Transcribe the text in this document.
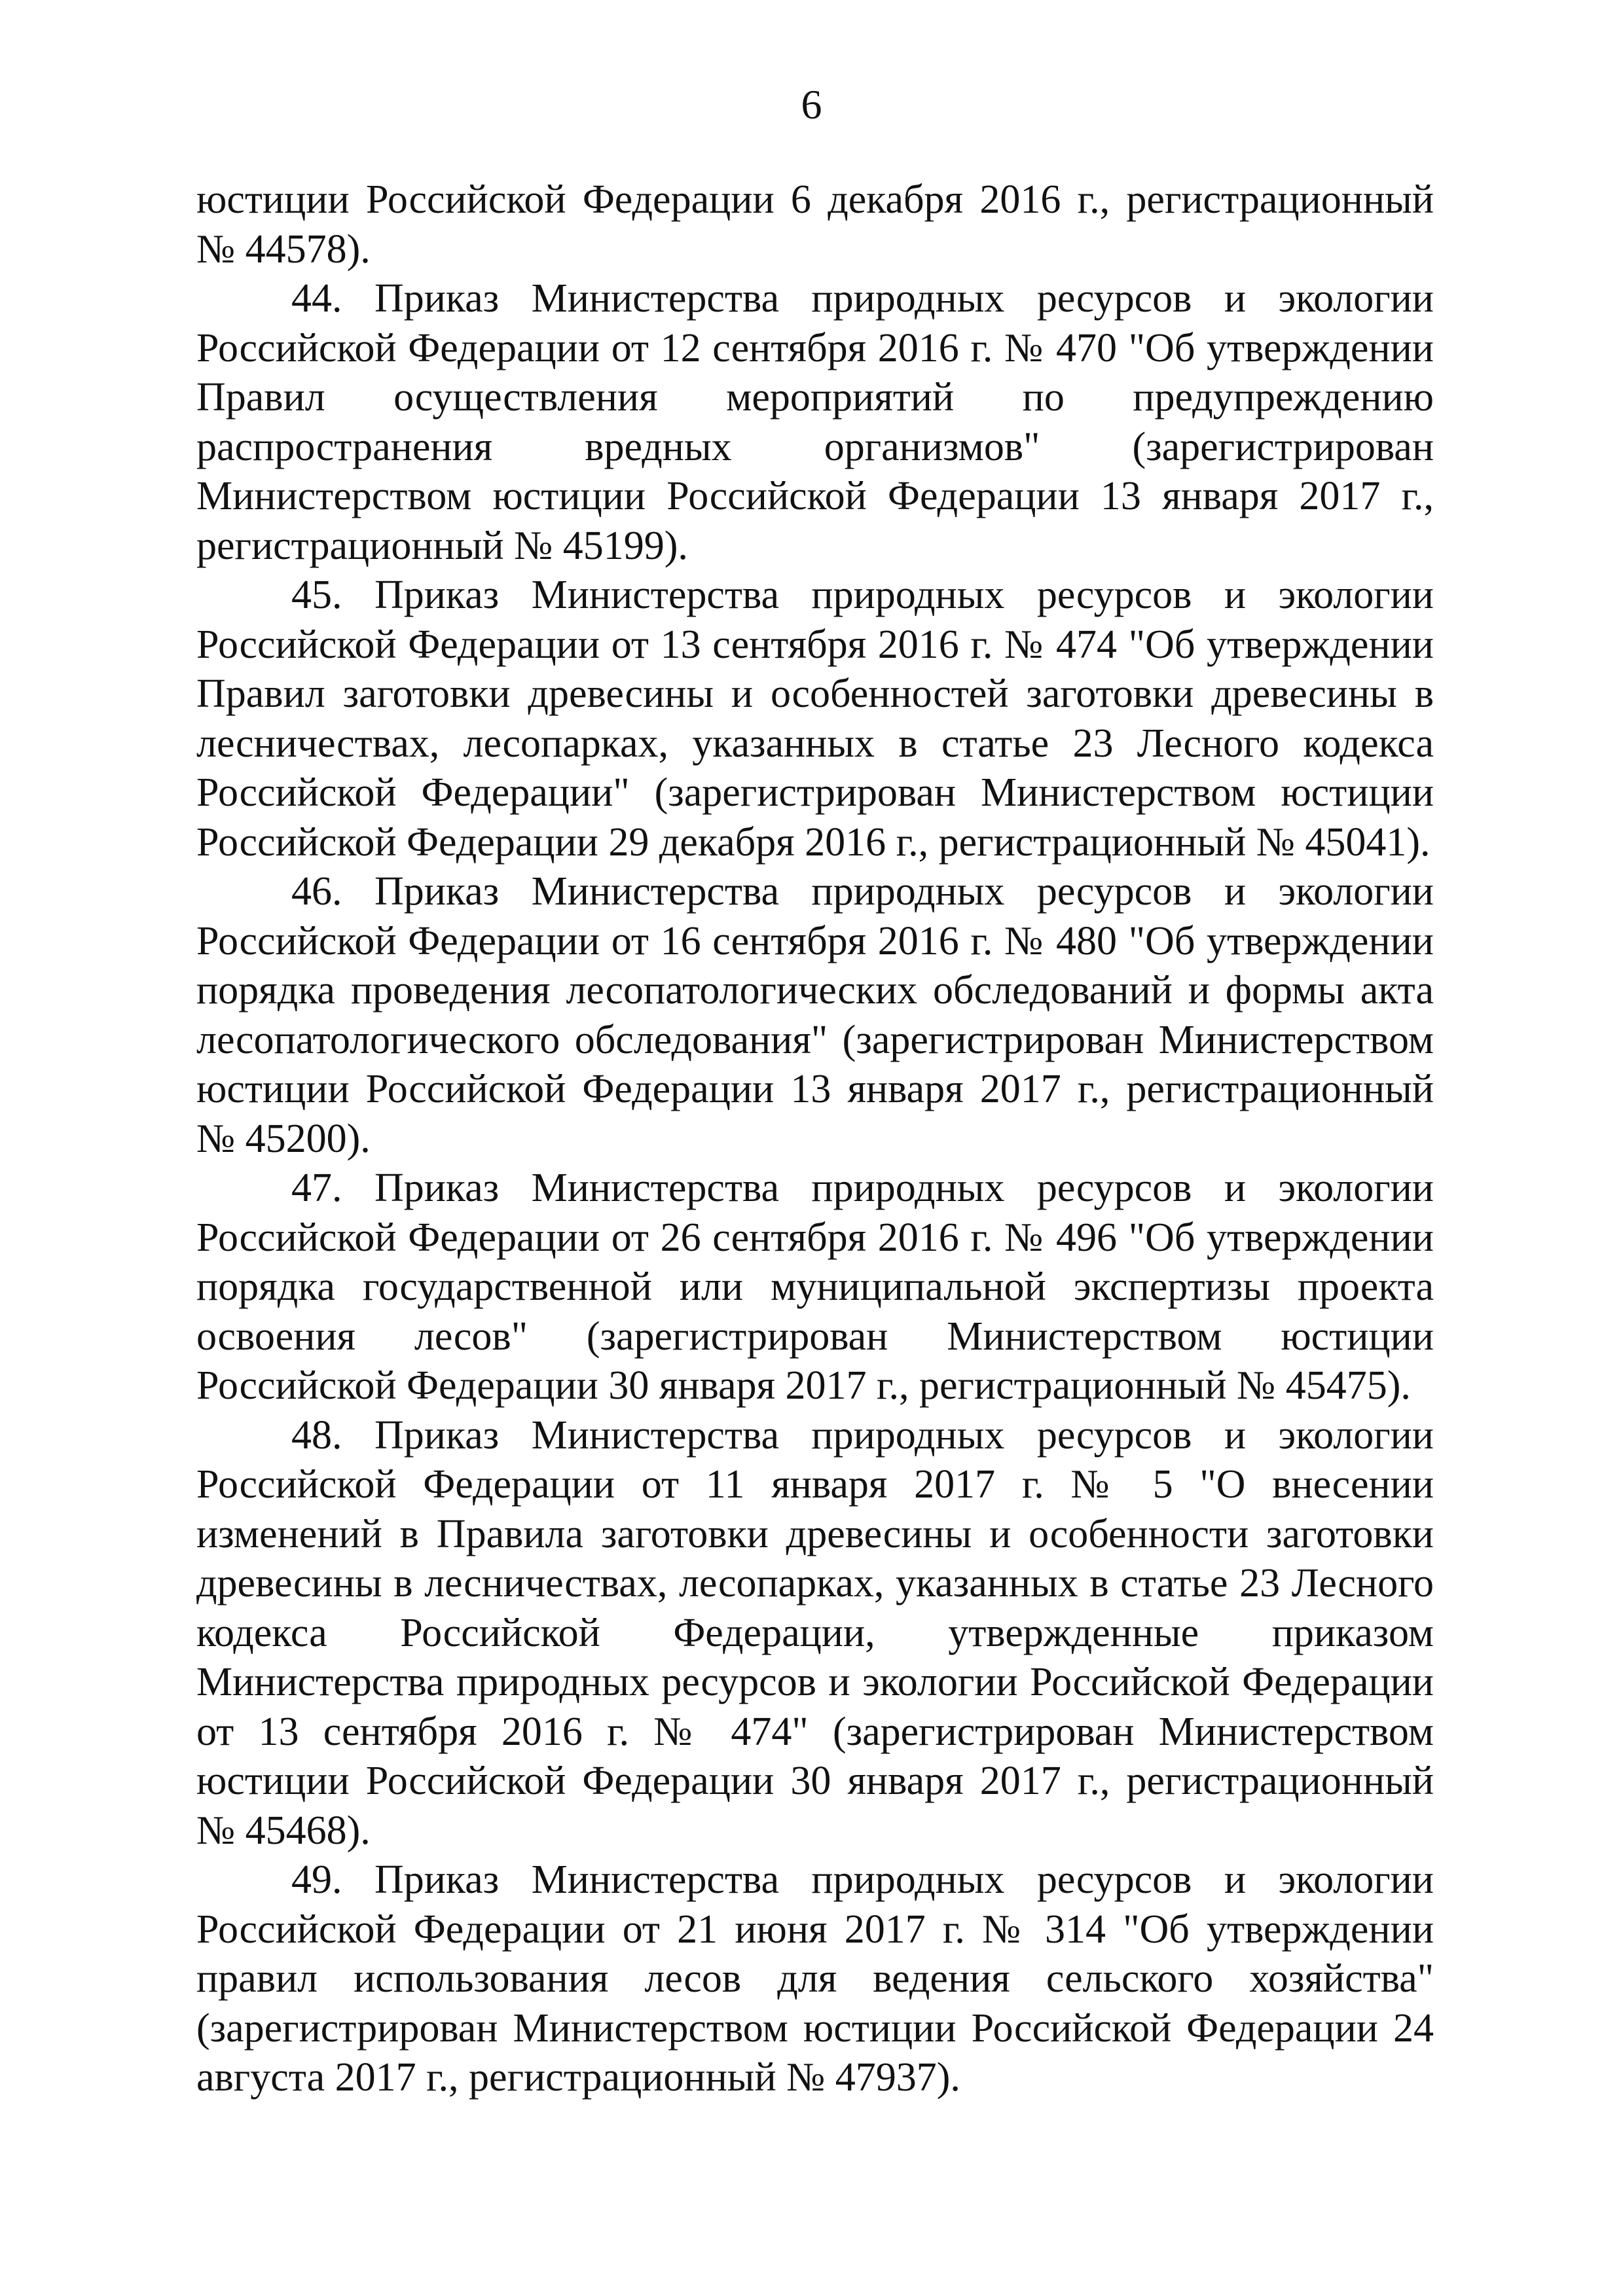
6

юстиции Российской Федерации 6 декабря 2016 г., регистрационный № 44578).

44. Приказ Министерства природных ресурсов и экологии Российской Федерации от 12 сентября 2016 г. № 470 "Об утверждении Правил осуществления мероприятий по предупреждению распространения вредных организмов" (зарегистрирован Министерством юстиции Российской Федерации 13 января 2017 г., регистрационный № 45199).

45. Приказ Министерства природных ресурсов и экологии Российской Федерации от 13 сентября 2016 г. № 474 "Об утверждении Правил заготовки древесины и особенностей заготовки древесины в лесничествах, лесопарках, указанных в статье 23 Лесного кодекса Российской Федерации" (зарегистрирован Министерством юстиции Российской Федерации 29 декабря 2016 г., регистрационный № 45041).

46. Приказ Министерства природных ресурсов и экологии Российской Федерации от 16 сентября 2016 г. № 480 "Об утверждении порядка проведения лесопатологических обследований и формы акта лесопатологического обследования" (зарегистрирован Министерством юстиции Российской Федерации 13 января 2017 г., регистрационный № 45200).

47. Приказ Министерства природных ресурсов и экологии Российской Федерации от 26 сентября 2016 г. № 496 "Об утверждении порядка государственной или муниципальной экспертизы проекта освоения лесов" (зарегистрирован Министерством юстиции Российской Федерации 30 января 2017 г., регистрационный № 45475).

48. Приказ Министерства природных ресурсов и экологии Российской Федерации от 11 января 2017 г. № 5 "О внесении изменений в Правила заготовки древесины и особенности заготовки древесины в лесничествах, лесопарках, указанных в статье 23 Лесного кодекса Российской Федерации, утвержденные приказом Министерства природных ресурсов и экологии Российской Федерации от 13 сентября 2016 г. № 474" (зарегистрирован Министерством юстиции Российской Федерации 30 января 2017 г., регистрационный № 45468).

49. Приказ Министерства природных ресурсов и экологии Российской Федерации от 21 июня 2017 г. № 314 "Об утверждении правил использования лесов для ведения сельского хозяйства" (зарегистрирован Министерством юстиции Российской Федерации 24 августа 2017 г., регистрационный № 47937).
